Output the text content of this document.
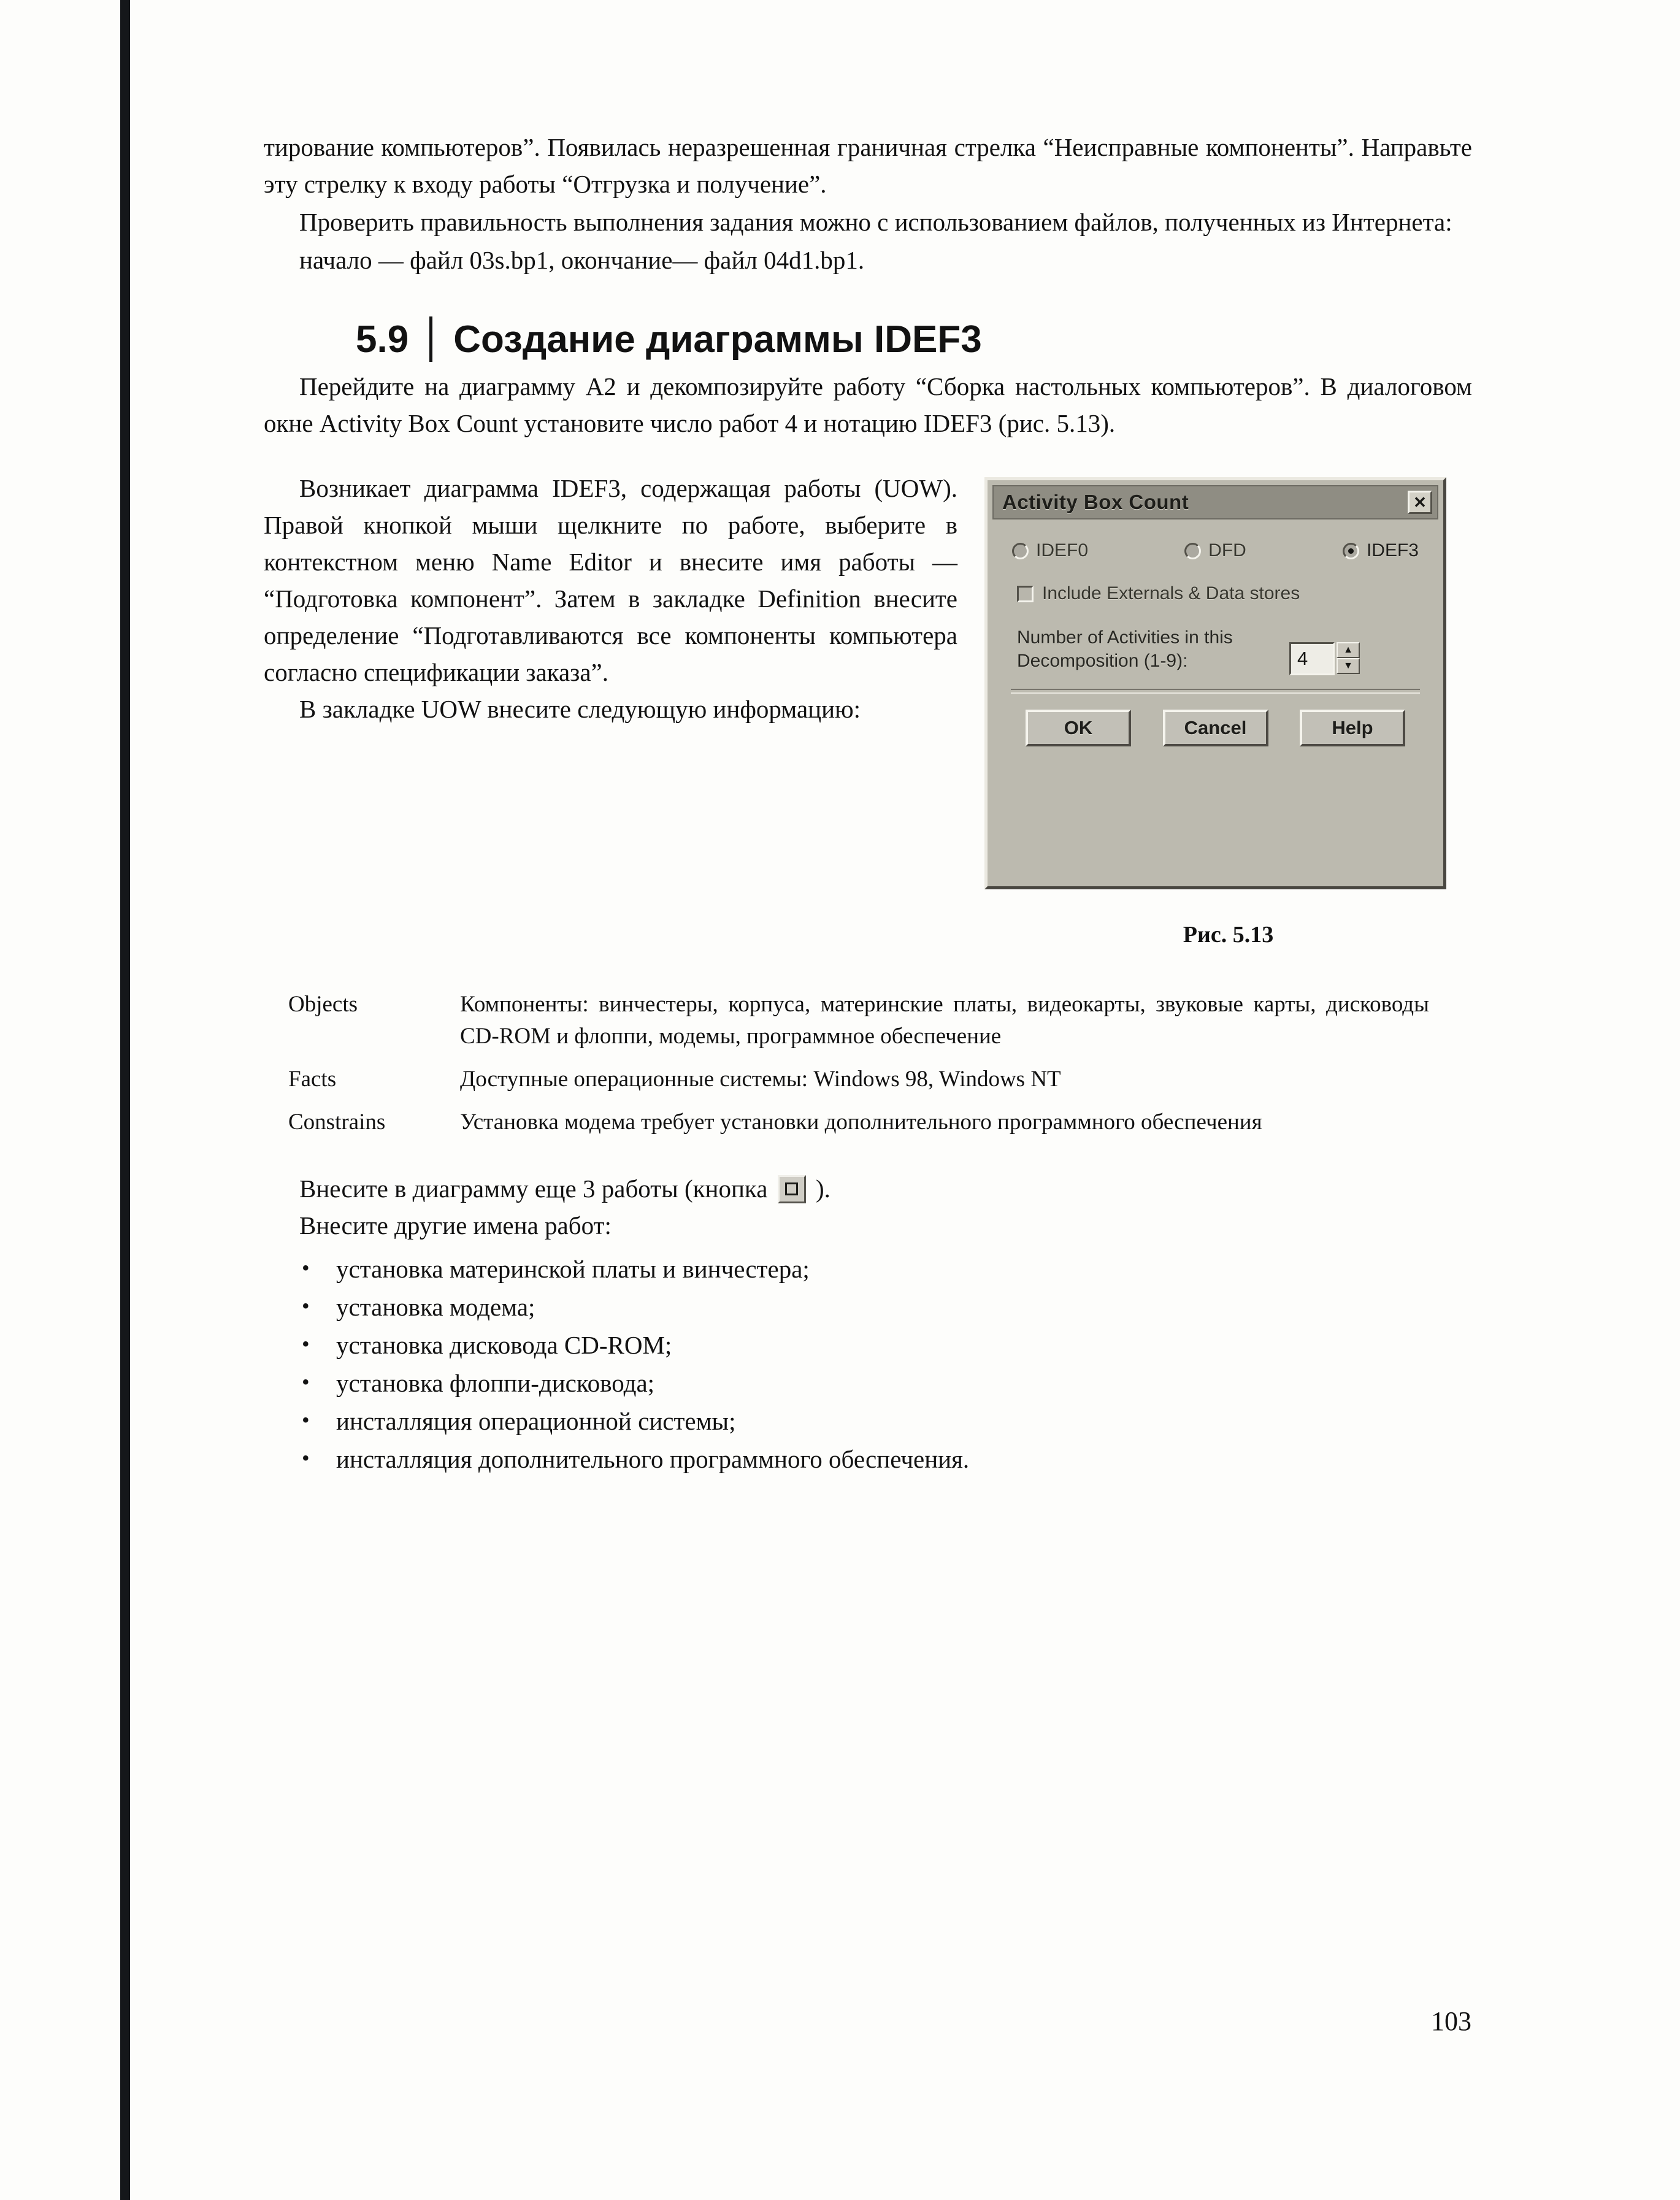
тирование компьютеров”. Появилась неразрешенная граничная стрелка “Неисправные компоненты”. Направьте эту стрелку к входу работы “Отгрузка и получение”.

Проверить правильность выполнения задания можно с использованием файлов, полученных из Интернета:

начало — файл 03s.bp1, окончание— файл 04d1.bp1.

5.9	Создание диаграммы IDEF3

Перейдите на диаграмму А2 и декомпозируйте работу “Сборка настольных компьютеров”. В диалоговом окне Activity Box Count установите число работ 4 и нотацию IDEF3 (рис. 5.13).

Activity Box Count	✕
IDEF0	DFD	IDEF3
Include Externals & Data stores
Number of Activities in this
Decomposition (1-9):	4	▲
▼
OK	Cancel	Help
Рис. 5.13

Возникает диаграмма IDEF3, содержащая работы (UOW). Правой кнопкой мыши щелкните по работе, выберите в контекстном меню Name Editor и внесите имя работы — “Подготовка компонент”. Затем в закладке Definition внесите определение “Подготавливаются все компоненты компьютера согласно спецификации заказа”.

В закладке UOW внесите следующую информацию:

Objects	Компоненты: винчестеры, корпуса, материнские платы, видеокарты, звуковые карты, дисководы CD-ROM и флоппи, модемы, программное обеспечение
Facts	Доступные операционные системы: Windows 98, Windows NT
Constrains	Установка модема требует установки дополнительного программного обеспечения

Внесите в диаграмму еще 3 работы (кнопка ).

Внесите другие имена работ:

• установка материнской платы и винчестера;
• установка модема;
• установка дисковода CD-ROM;
• установка флоппи-дисковода;
• инсталляция операционной системы;
• инсталляция дополнительного программного обеспечения.
103
